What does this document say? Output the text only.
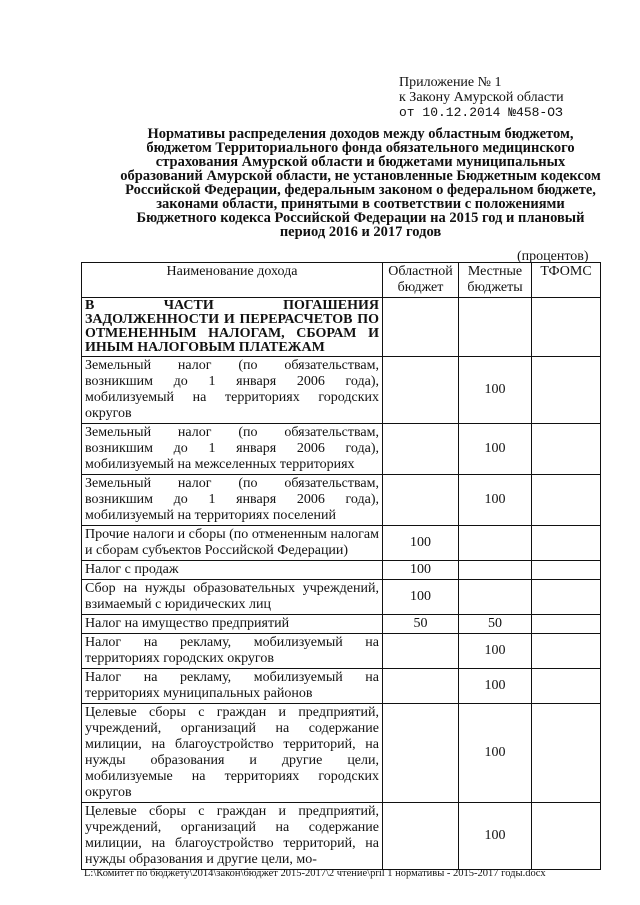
Приложение № 1
к Закону Амурской области
от 10.12.2014 №458-ОЗ
Нормативы распределения доходов между областным бюджетом, бюджетом Территориального фонда обязательного медицинского страхования Амурской области и бюджетами муниципальных образований Амурской области, не установленные Бюджетным кодексом Российской Федерации, федеральным законом о федеральном бюджете, законами области, принятыми в соответствии с положениями Бюджетного кодекса Российской Федерации на 2015 год и плановый период 2016 и 2017 годов
(процентов)
Наименование дохода	Областной бюджет	Местные бюджеты	ТФОМС
В ЧАСТИ ПОГАШЕНИЯ ЗАДОЛЖЕННОСТИ И ПЕРЕРАСЧЕТОВ ПО ОТМЕНЕННЫМ НАЛОГАМ, СБОРАМ И ИНЫМ НАЛОГОВЫМ ПЛАТЕЖАМ			
Земельный налог (по обязательствам, возникшим до 1 января 2006 года), мобилизуемый на территориях городских округов		100	
Земельный налог (по обязательствам, возникшим до 1 января 2006 года), мобилизуемый на межселенных территориях		100	
Земельный налог (по обязательствам, возникшим до 1 января 2006 года), мобилизуемый на территориях поселений		100	
Прочие налоги и сборы (по отмененным налогам и сборам субъектов Российской Федерации)	100		
Налог с продаж	100		
Сбор на нужды образовательных учреждений, взимаемый с юридических лиц	100		
Налог на имущество предприятий	50	50	
Налог на рекламу, мобилизуемый на территориях городских округов		100	
Налог на рекламу, мобилизуемый на территориях муниципальных районов		100	
Целевые сборы с граждан и предприятий, учреждений, организаций на содержание милиции, на благоустройство территорий, на нужды образования и другие цели, мобилизуемые на территориях городских округов		100	
Целевые сборы с граждан и предприятий, учреждений, организаций на содержание милиции, на благоустройство территорий, на нужды образования и другие цели, мо-		100	
L:\Комитет по бюджету\2014\закон\бюджет 2015-2017\2 чтение\pril 1 нормативы - 2015-2017 годы.docx
